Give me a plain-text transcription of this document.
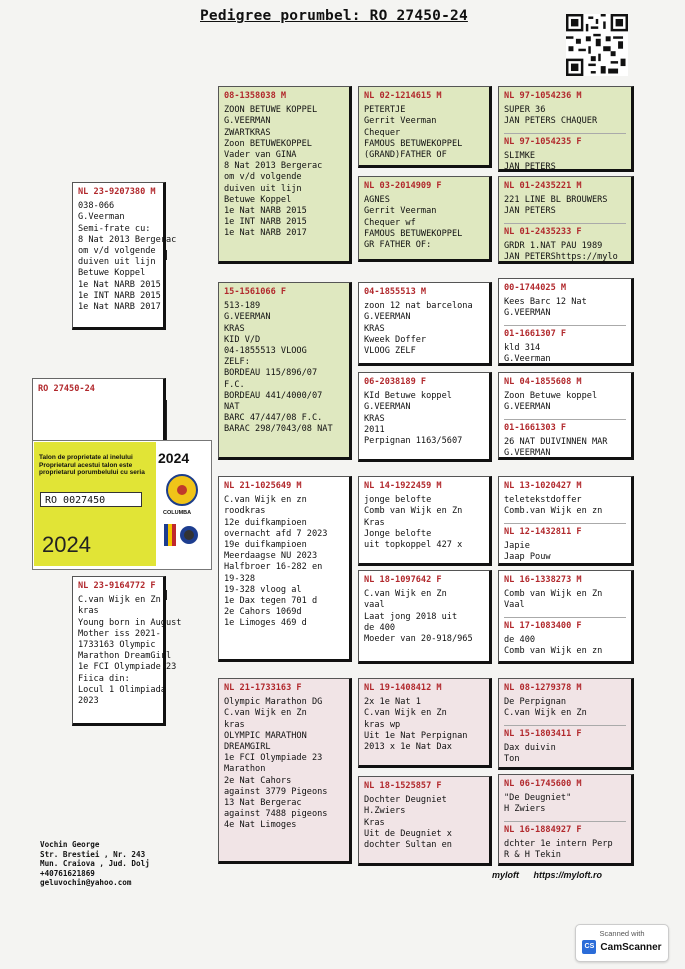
Pedigree porumbel: RO 27450-24
RO 27450-24
Talon de proprietate al inelului
Proprietarul acestui talon este
proprietarul porumbelului cu seria
RO 0027450
2024
2024
COLUMBA
NL 23-9207380 M
038-066
G.Veerman
Semi-frate cu:
8 Nat 2013 Bergerac
om v/d volgende
duiven uit lijn
Betuwe Koppel
1e Nat NARB 2015
1e INT NARB 2015
1e Nat NARB 2017
NL 23-9164772 F
C.van Wijk en Zn
kras
Young born in August
Mother iss 2021-
1733163 Olympic
Marathon DreamGirl
1e FCI Olympiade 23
Fiica din:
Locul 1 Olimpiada
2023
08-1358038 M
ZOON BETUWE KOPPEL
G.VEERMAN
ZWARTKRAS
Zoon BETUWEKOPPEL
Vader van GINA
8 Nat 2013 Bergerac
om v/d volgende
duiven uit lijn
Betuwe Koppel
1e Nat NARB 2015
1e INT NARB 2015
1e Nat NARB 2017
15-1561066 F
513-189
G.VEERMAN
KRAS
KID V/D
04-1855513 VLOOG
ZELF:
BORDEAU 115/896/07
F.C.
BORDEAU 441/4000/07
NAT
BARC 47/447/08 F.C.
BARAC 298/7043/08 NAT
NL 21-1025649 M
C.van Wijk en zn
roodkras
12e duifkampioen
overnacht afd 7 2023
19e duifkampioen
Meerdaagse NU 2023
Halfbroer 16-282 en
19-328
19-328 vloog al
1e Dax tegen 701 d
2e Cahors 1069d
1e Limoges 469 d
NL 21-1733163 F
Olympic Marathon DG
C.van Wijk en Zn
kras
OLYMPIC MARATHON
DREAMGIRL
1e FCI Olympiade 23
Marathon
2e Nat Cahors
against 3779 Pigeons
13 Nat Bergerac
against 7488 pigeons
4e Nat Limoges
NL 02-1214615 M
PETERTJE
Gerrit Veerman
Chequer
FAMOUS BETUWEKOPPEL
(GRAND)FATHER OF
NL 03-2014909 F
AGNES
Gerrit Veerman
Chequer wf
FAMOUS BETUWEKOPPEL
GR FATHER OF:
04-1855513 M
zoon 12 nat barcelona
G.VEERMAN
KRAS
Kweek Doffer
VLOOG ZELF
06-2038189 F
KId Betuwe koppel
G.VEERMAN
KRAS
2011
Perpignan 1163/5607
NL 14-1922459 M
jonge belofte
Comb van Wijk en Zn
Kras
Jonge belofte
uit topkoppel 427 x
NL 18-1097642 F
C.van Wijk en Zn
vaal
Laat jong 2018 uit
de 400
Moeder van 20-918/965
NL 19-1408412 M
2x 1e Nat 1
C.van Wijk en Zn
kras wp
Uit 1e Nat Perpignan
2013 x 1e Nat Dax
NL 18-1525857 F
Dochter Deugniet
H.Zwiers
Kras
Uit de Deugniet x
dochter Sultan en
NL 97-1054236 M
SUPER 36
JAN PETERS CHAQUER
NL 97-1054235 F
SLIMKE
JAN PETERS
NL 01-2435221 M
221 LINE BL BROUWERS
JAN PETERS
NL 01-2435233 F
GRDR 1.NAT PAU 1989
JAN PETERShttps://mylo
00-1744025 M
Kees Barc 12 Nat
G.VEERMAN
01-1661307 F
kld 314
G.Veerman
NL 04-1855608 M
Zoon Betuwe koppel
G.VEERMAN
01-1661303 F
26 NAT DUIVINNEN MAR
G.VEERMAN
NL 13-1020427 M
teletekstdoffer
Comb.van Wijk en zn
NL 12-1432811 F
Japie
Jaap Pouw
NL 16-1338273 M
Comb van Wijk en Zn
Vaal
NL 17-1083400 F
de 400
Comb van Wijk en zn
NL 08-1279378 M
De Perpignan
C.van Wijk en Zn
NL 15-1803411 F
Dax duivin
Ton
NL 06-1745600 M
"De Deugniet"
H Zwiers
NL 16-1884927 F
dchter 1e intern Perp
R & H Tekin
Vochin George
Str. Brestiei , Nr. 243
Mun. Craiova , Jud. Dolj
+40761621869
geluvochin@yahoo.com
myloft https://myloft.ro
Scanned with
CS CamScanner
